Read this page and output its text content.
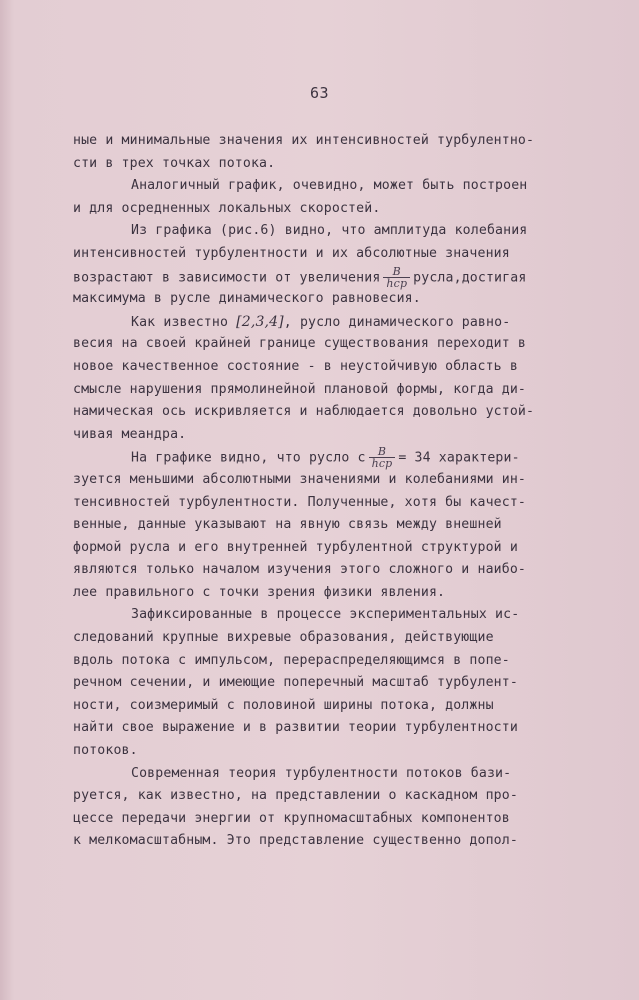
63
ные и минимальные значения их интенсивностей турбулентно-
сти в трех точках потока.
Аналогичный график, очевидно, может быть построен
и для осредненных локальных скоростей.
Из графика (рис.6) видно, что амплитуда колебания
интенсивностей турбулентности и их абсолютные значения
возрастают в зависимости от увеличения $\frac{B}{\text{hср}}$ русла,достигая
максимума в русле динамического равновесия.
Как известно [2,3,4], русло динамического равно-
весия на своей крайней границе существования переходит в
новое качественное состояние - в неустойчивую область в
смысле нарушения прямолинейной плановой формы, когда ди-
намическая ось искривляется и наблюдается довольно устой-
чивая меандра.
На графике видно, что русло с $\frac{B}{\text{hср}} = 34$ характери-
зуется меньшими абсолютными значениями и колебаниями ин-
тенсивностей турбулентности. Полученные, хотя бы качест-
венные, данные указывают на явную связь между внешней
формой русла и его внутренней турбулентной структурой и
являются только началом изучения этого сложного и наибо-
лее правильного с точки зрения физики явления.
Зафиксированные в процессе экспериментальных ис-
следований крупные вихревые образования, действующие
вдоль потока с импульсом, перераспределяющимся в попе-
речном сечении, и имеющие поперечный масштаб турбулент-
ности, соизмеримый с половиной ширины потока, должны
найти свое выражение и в развитии теории турбулентности
потоков.
Современная теория турбулентности потоков бази-
руется, как известно, на представлении о каскадном про-
цессе передачи энергии от крупномасштабных компонентов
к мелкомасштабным. Это представление существенно допол-
